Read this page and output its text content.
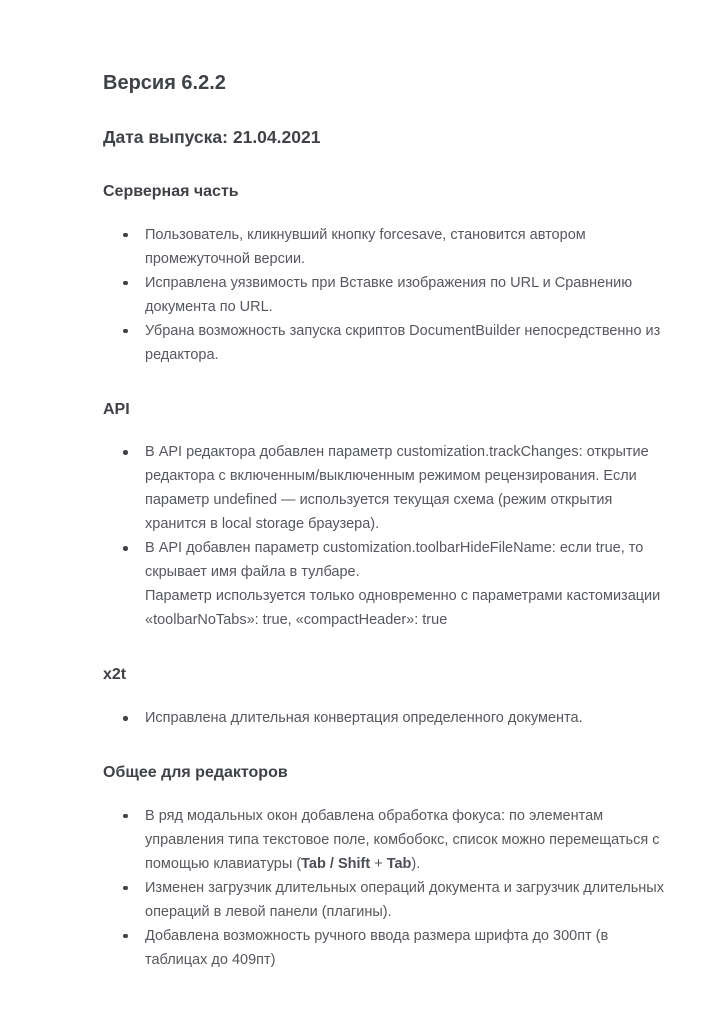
Версия 6.2.2
Дата выпуска: 21.04.2021
Серверная часть
Пользователь, кликнувший кнопку forcesave, становится автором промежуточной версии.
Исправлена уязвимость при Вставке изображения по URL и Сравнению документа по URL.
Убрана возможность запуска скриптов DocumentBuilder непосредственно из редактора.
API
В API редактора добавлен параметр customization.trackChanges: открытие редактора с включенным/выключенным режимом рецензирования. Если параметр undefined — используется текущая схема (режим открытия хранится в local storage браузера).
В API добавлен параметр customization.toolbarHideFileName: если true, то скрывает имя файла в тулбаре.
Параметр используется только одновременно с параметрами кастомизации «toolbarNoTabs»: true, «compactHeader»: true
x2t
Исправлена длительная конвертация определенного документа.
Общее для редакторов
В ряд модальных окон добавлена обработка фокуса: по элементам управления типа текстовое поле, комбобокс, список можно перемещаться с помощью клавиатуры (Tab / Shift + Tab).
Изменен загрузчик длительных операций документа и загрузчик длительных операций в левой панели (плагины).
Добавлена возможность ручного ввода размера шрифта до 300пт (в таблицах до 409пт)
